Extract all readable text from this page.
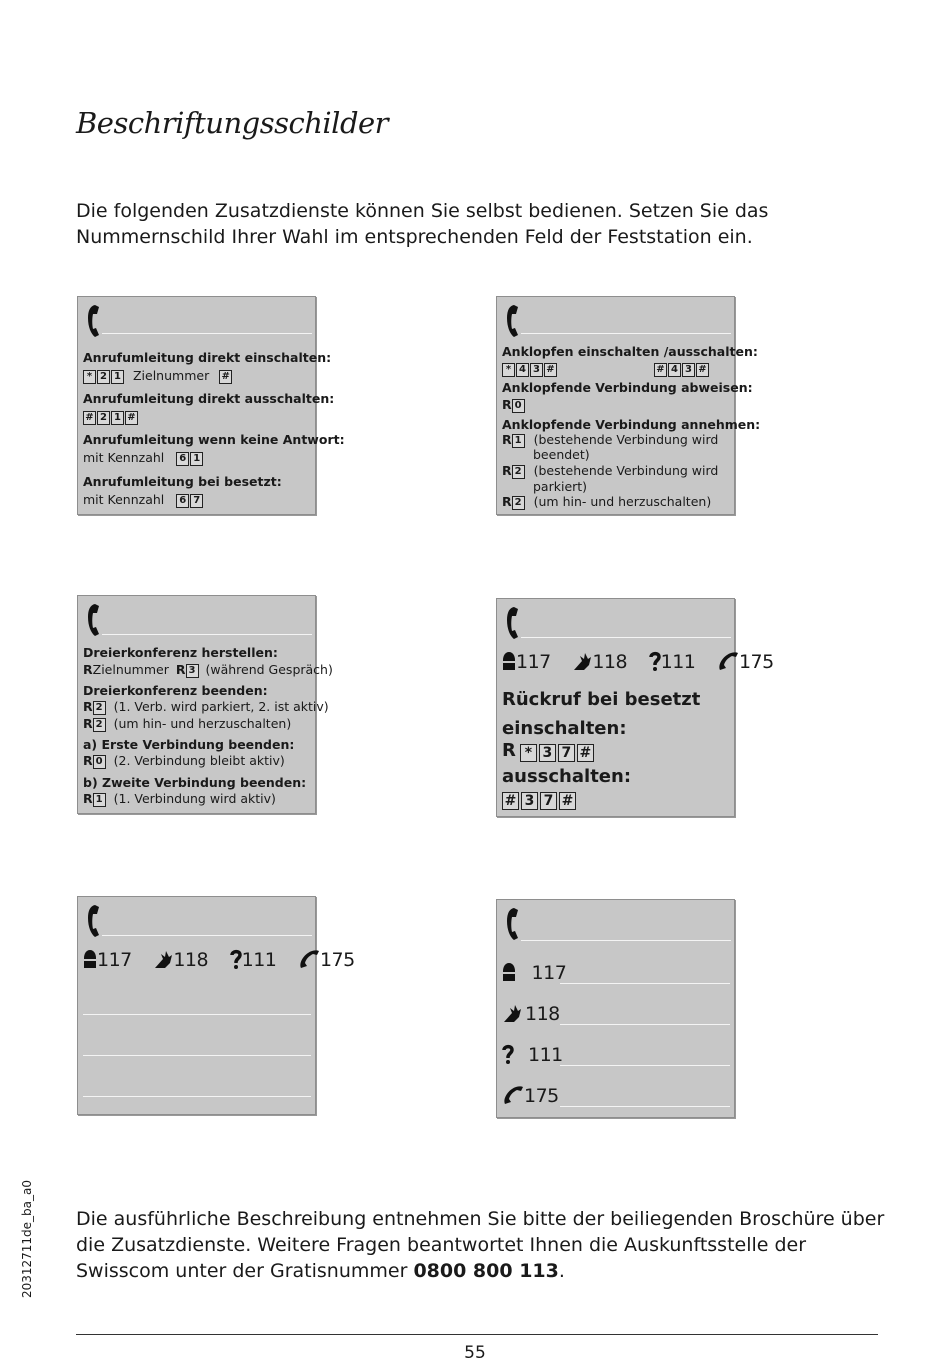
Beschriftungsschilder
Die folgenden Zusatzdienste können Sie selbst bedienen. Setzen Sie das Nummernschild Ihrer Wahl im entsprechenden Feld der Feststation ein.
Anrufumleitung direkt einschalten:
* 2 1 Zielnummer #
Anrufumleitung direkt ausschalten:
# 2 1 #
Anrufumleitung wenn keine Antwort:
mit Kennzahl 6 1
Anrufumleitung bei besetzt:
mit Kennzahl 6 7
Anklopfen einschalten /ausschalten:
* 4 3 #	# 4 3 #
Anklopfende Verbindung abweisen:
R 0
Anklopfende Verbindung annehmen:
R 1 (bestehende Verbindung wird
beendet)
R 2 (bestehende Verbindung wird
parkiert)
R 2 (um hin- und herzuschalten)
Dreierkonferenz herstellen:
RZielnummer R 3 (während Gespräch)
Dreierkonferenz beenden:
R 2 (1. Verb. wird parkiert, 2. ist aktiv)
R 2 (um hin- und herzuschalten)
a) Erste Verbindung beenden:
R 0 (2. Verbindung bleibt aktiv)
b) Zweite Verbindung beenden:
R 1 (1. Verbindung wird aktiv)
117 118 111 175
Rückruf bei besetzt
einschalten:
R * 3 7 #
ausschalten:
# 3 7 #
117 118 111 175
117
118
111
175
20312711de_ba_a0 Die ausführliche Beschreibung entnehmen Sie bitte der beiliegenden Broschüre über die Zusatzdienste. Weitere Fragen beantwortet Ihnen die Auskunftsstelle der Swisscom unter der Gratisnummer 0800 800 113.
55
